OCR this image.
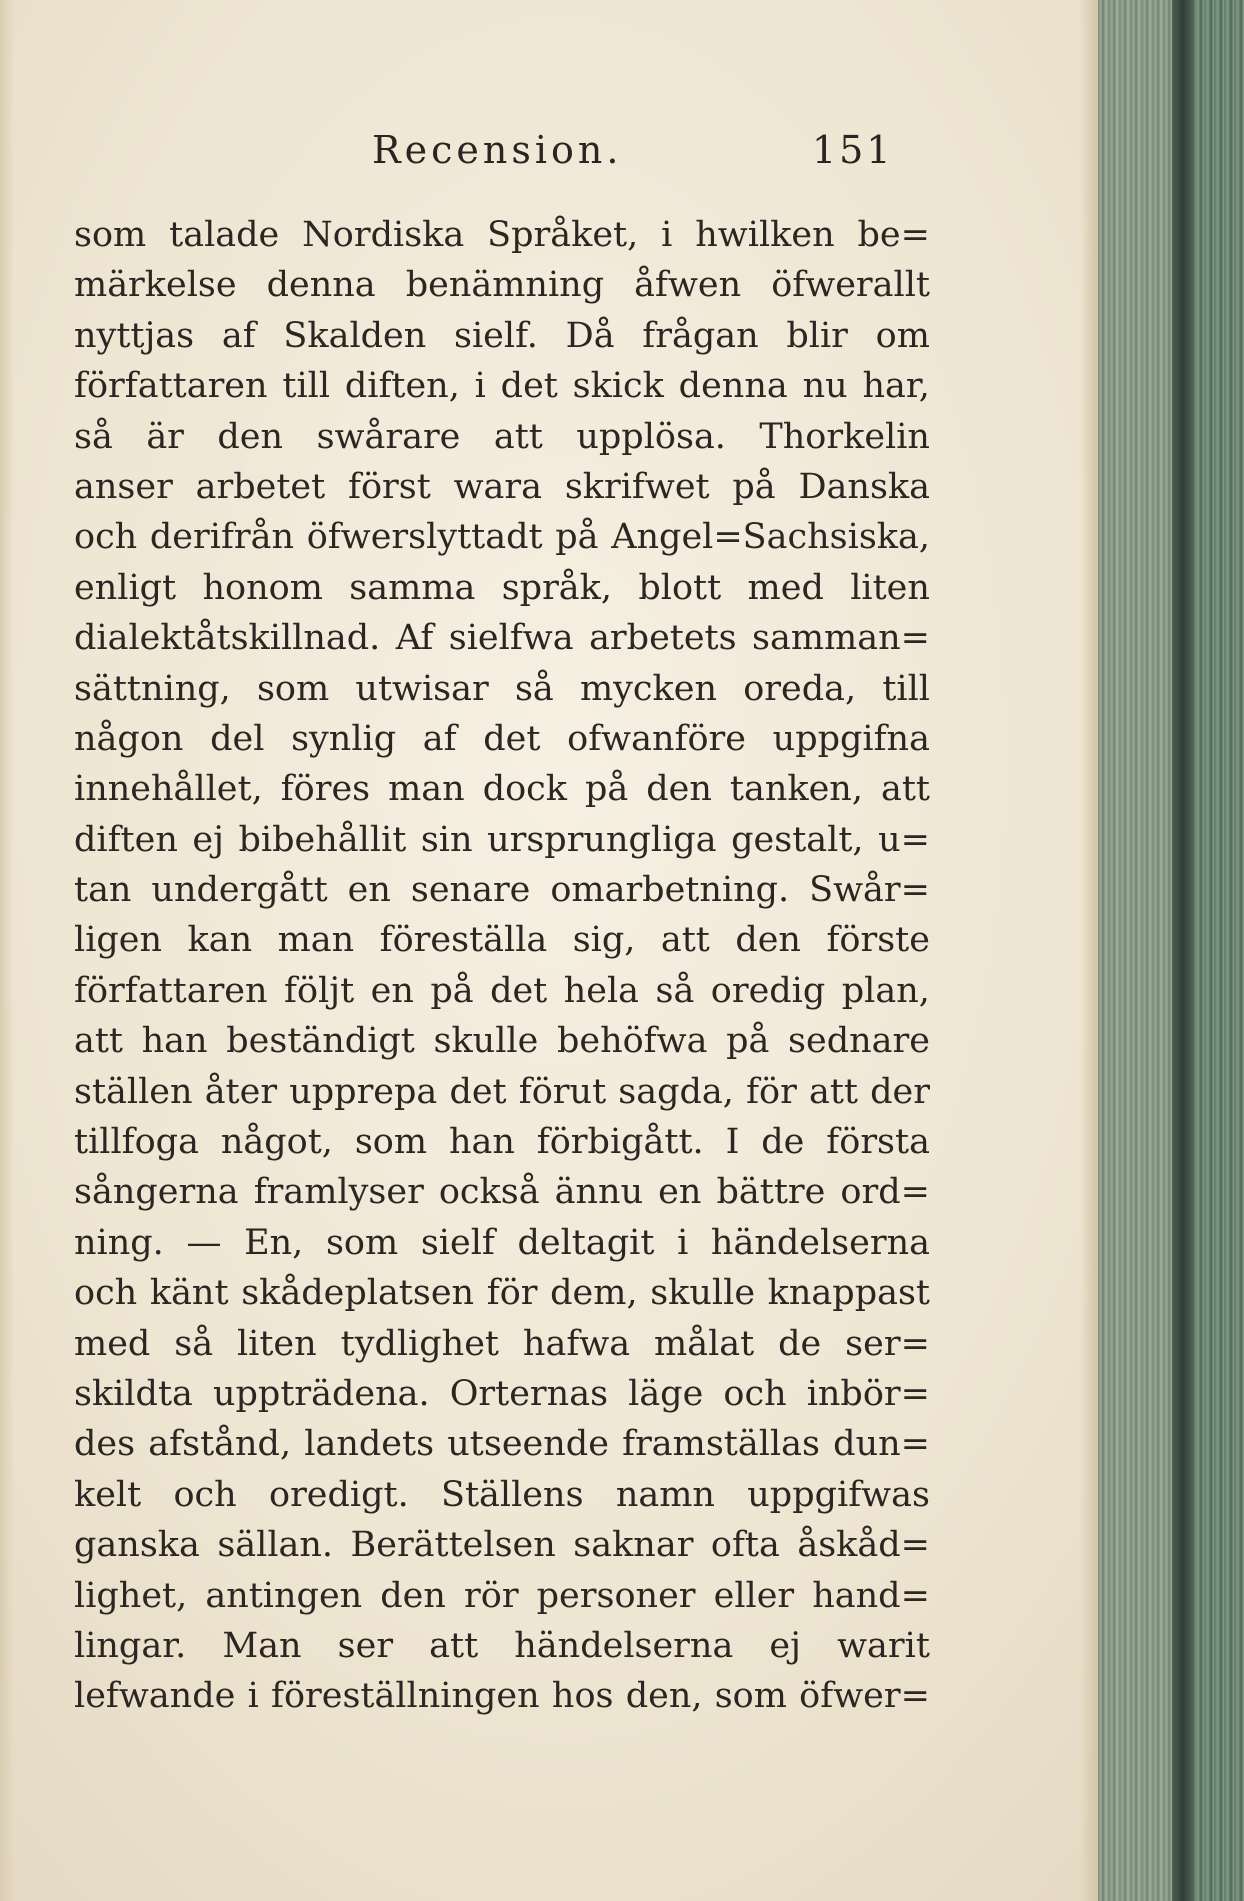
Recension.	151
som talade Nordiska Språket, i hwilken be=
märkelse denna benämning åfwen öfwerallt
nyttjas af Skalden sielf. Då frågan blir om
författaren till diften, i det skick denna nu har,
så är den swårare att upplösa. Thorkelin
anser arbetet först wara skrifwet på Danska
och derifrån öfwerslyttadt på Angel=Sachsiska,
enligt honom samma språk, blott med liten
dialektåtskillnad. Af sielfwa arbetets samman=
sättning, som utwisar så mycken oreda, till
någon del synlig af det ofwanföre uppgifna
innehållet, föres man dock på den tanken, att
diften ej bibehållit sin ursprungliga gestalt, u=
tan undergått en senare omarbetning. Swår=
ligen kan man föreställa sig, att den förste
författaren följt en på det hela så oredig plan,
att han beständigt skulle behöfwa på sednare
ställen åter upprepa det förut sagda, för att der
tillfoga något, som han förbigått. I de första
sångerna framlyser också ännu en bättre ord=
ning. — En, som sielf deltagit i händelserna
och känt skådeplatsen för dem, skulle knappast
med så liten tydlighet hafwa målat de ser=
skildta uppträdena. Orternas läge och inbör=
des afstånd, landets utseende framställas dun=
kelt och oredigt. Ställens namn uppgifwas
ganska sällan. Berättelsen saknar ofta åskåd=
lighet, antingen den rör personer eller hand=
lingar. Man ser att händelserna ej warit
lefwande i föreställningen hos den, som öfwer=
